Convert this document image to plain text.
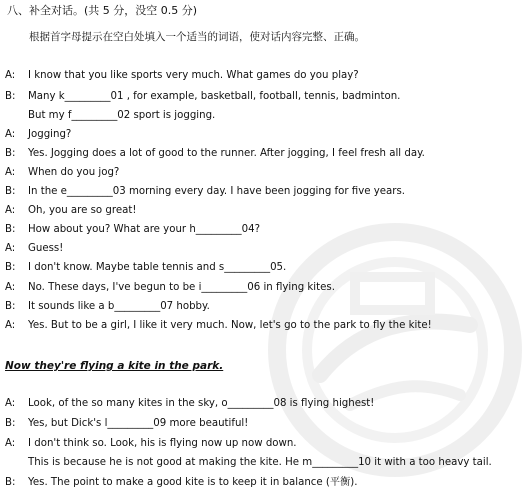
八、补全对话。(共 5 分，没空 0.5 分)
根据首字母提示在空白处填入一个适当的词语，使对话内容完整、正确。
A:	I know that you like sports very much. What games do you play?
B:	Many k_________01 , for example, basketball, football, tennis, badminton.
But my f_________02 sport is jogging.
A:	Jogging?
B:	Yes. Jogging does a lot of good to the runner. After jogging, I feel fresh all day.
A:	When do you jog?
B:	In the e_________03 morning every day. I have been jogging for five years.
A:	Oh, you are so great!
B:	How about you? What are your h_________04?
A:	Guess!
B:	I don't know. Maybe table tennis and s_________05.
A:	No. These days, I've begun to be i_________06 in flying kites.
B:	It sounds like a b_________07 hobby.
A:	Yes. But to be a girl, I like it very much. Now, let's go to the park to fly the kite!
Now they're flying a kite in the park.
A:	Look, of the so many kites in the sky, o_________08 is flying highest!
B:	Yes, but Dick's l_________09 more beautiful!
A:	I don't think so. Look, his is flying now up now down.
This is because he is not good at making the kite. He m_________10 it with a too heavy tail.
B:	Yes. The point to make a good kite is to keep it in balance (平衡).
